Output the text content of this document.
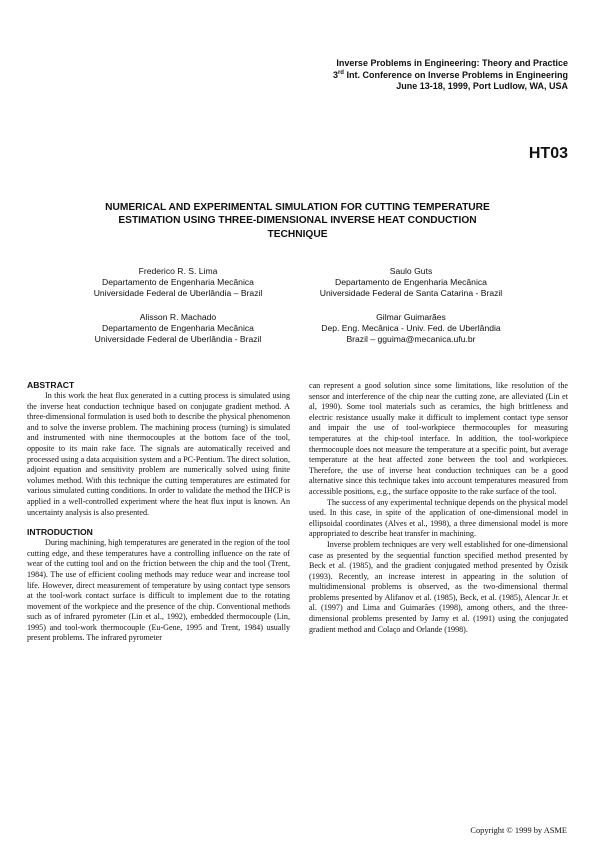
Inverse Problems in Engineering: Theory and Practice
3rd Int. Conference on Inverse Problems in Engineering
June 13-18, 1999, Port Ludlow, WA, USA
HT03
NUMERICAL AND EXPERIMENTAL SIMULATION FOR CUTTING TEMPERATURE
ESTIMATION USING THREE-DIMENSIONAL INVERSE HEAT CONDUCTION
TECHNIQUE
Frederico R. S. Lima
Departamento de Engenharia Mecânica
Universidade Federal de Uberlândia – Brazil
Saulo Guts
Departamento de Engenharia Mecânica
Universidade Federal de Santa Catarina - Brazil
Alisson R. Machado
Departamento de Engenharia Mecânica
Universidade Federal de Uberlândia - Brazil
Gilmar Guimarães
Dep. Eng. Mecânica - Univ. Fed. de Uberlândia
Brazil – gguima@mecanica.ufu.br
ABSTRACT

In this work the heat flux generated in a cutting process is simulated using the inverse heat conduction technique based on conjugate gradient method. A three-dimensional formulation is used both to describe the physical phenomenon and to solve the inverse problem. The machining process (turning) is simulated and instrumented with nine thermocouples at the bottom face of the tool, opposite to its main rake face. The signals are automatically received and processed using a data acquisition system and a PC-Pentium. The direct solution, adjoint equation and sensitivity problem are numerically solved using finite volumes method. With this technique the cutting temperatures are estimated for various simulated cutting conditions. In order to validate the method the IHCP is applied in a well-controlled experiment where the heat flux input is known. An uncertainty analysis is also presented.

INTRODUCTION

During machining, high temperatures are generated in the region of the tool cutting edge, and these temperatures have a controlling influence on the rate of wear of the cutting tool and on the friction between the chip and the tool (Trent, 1984). The use of efficient cooling methods may reduce wear and increase tool life. However, direct measurement of temperature by using contact type sensors at the tool-work contact surface is difficult to implement due to the rotating movement of the workpiece and the presence of the chip. Conventional methods such as of infrared pyrometer (Lin et al., 1992), embedded thermocouple (Lin, 1995) and tool-work thermocouple (Eu-Gene, 1995 and Trent, 1984) usually present problems. The infrared pyrometer

can represent a good solution since some limitations, like resolution of the sensor and interference of the chip near the cutting zone, are alleviated (Lin et al, 1990). Some tool materials such as ceramics, the high brittleness and electric resistance usually make it difficult to implement contact type sensor and impair the use of tool-workpiece thermocouples for measuring temperatures at the chip-tool interface. In addition, the tool-workpiece thermocouple does not measure the temperature at a specific point, but average temperature at the heat affected zone between the tool and workpieces. Therefore, the use of inverse heat conduction techniques can be a good alternative since this technique takes into account temperatures measured from accessible positions, e.g., the surface opposite to the rake surface of the tool.

The success of any experimental technique depends on the physical model used. In this case, in spite of the application of one-dimensional model in ellipsoidal coordinates (Alves et al., 1998), a three dimensional model is more appropriated to describe heat transfer in machining.

Inverse problem techniques are very well established for one-dimensional case as presented by the sequential function specified method presented by Beck et al. (1985), and the gradient conjugated method presented by Özisik (1993). Recently, an increase interest in appearing in the solution of multidimensional problems is observed, as the two-dimensional thermal problems presented by Alifanov et al. (1985), Beck, et al. (1985), Alencar Jr. et al. (1997) and Lima and Guimarães (1998), among others, and the three-dimensional problems presented by Jarny et al. (1991) using the conjugated gradient method and Colaço and Orlande (1998).

Copyright © 1999 by ASME
